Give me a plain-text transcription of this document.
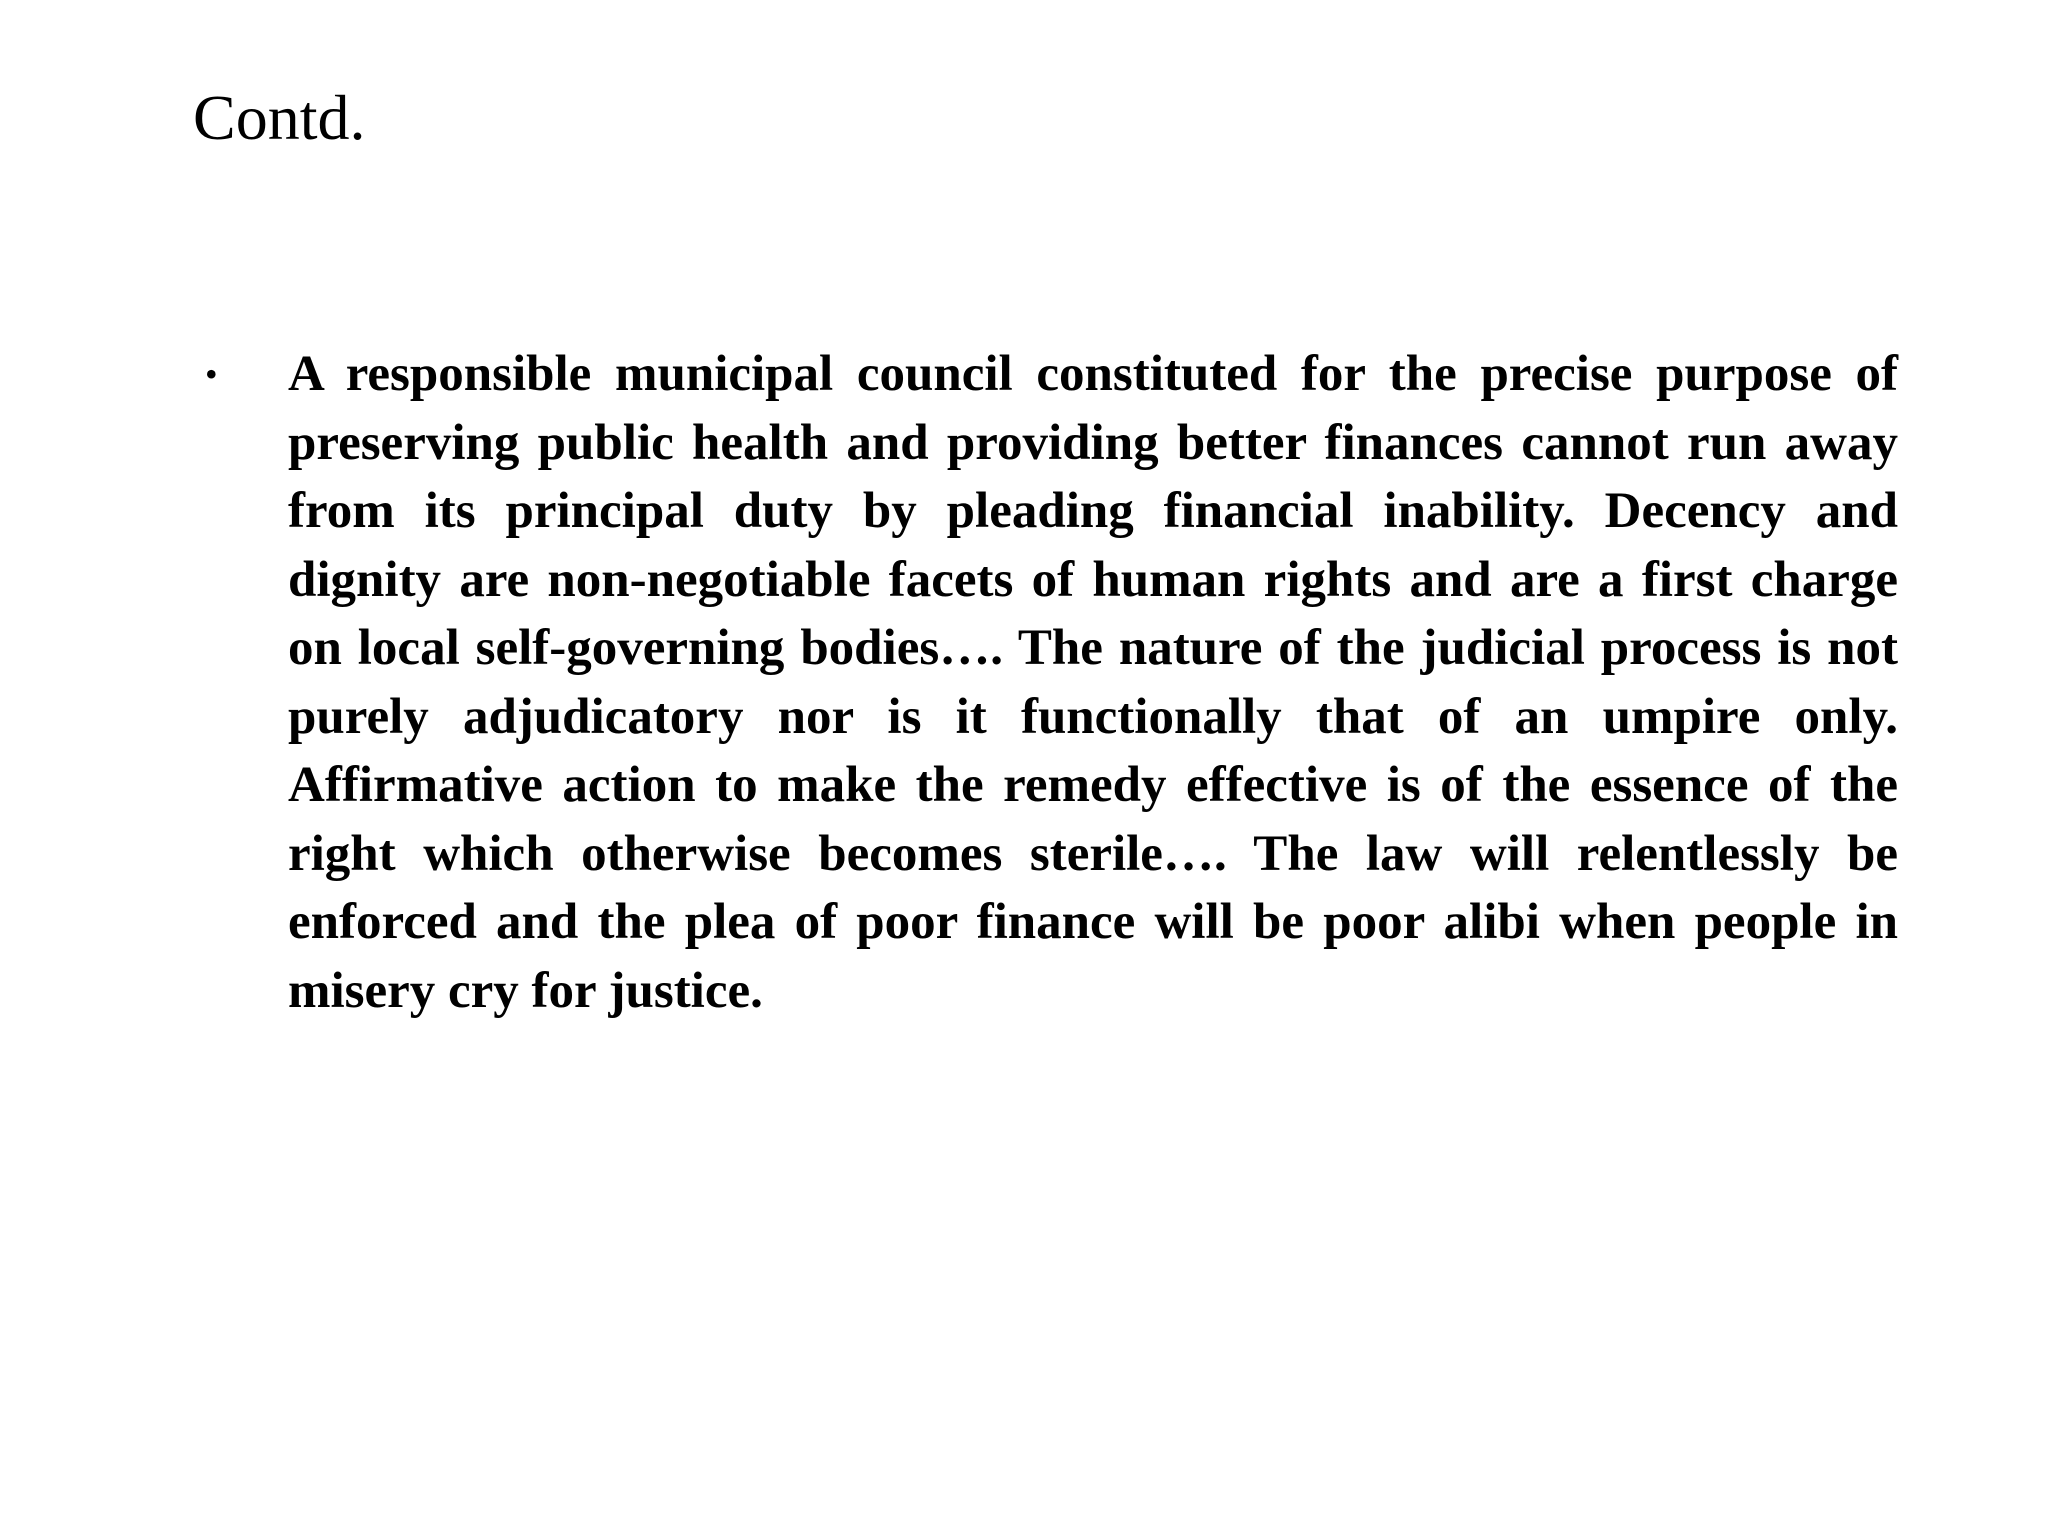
Contd.
•	A responsible municipal council constituted for the precise purpose of preserving public health and providing better finances cannot run away from its principal duty by pleading financial inability. Decency and dignity are non-negotiable facets of human rights and are a first charge on local self-governing bodies…. The nature of the judicial process is not purely adjudicatory nor is it functionally that of an umpire only. Affirmative action to make the remedy effective is of the essence of the right which otherwise becomes sterile…. The law will relentlessly be enforced and the plea of poor finance will be poor alibi when people in misery cry for justice.
